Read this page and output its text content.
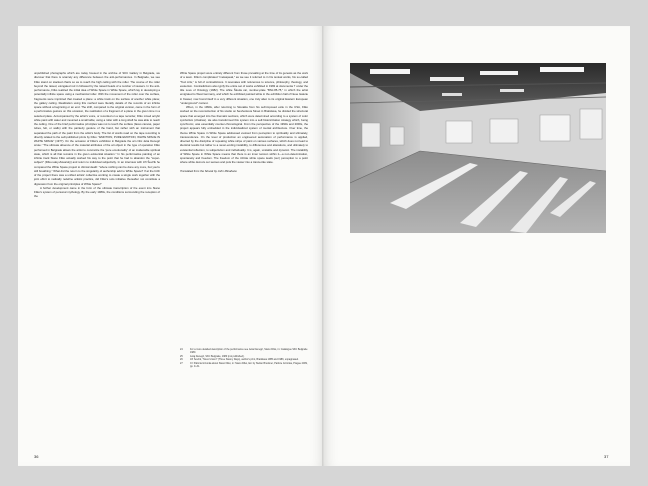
unpublished photographs which are today housed in the archive of SKC Gallery in Belgrade, we discover that there is scarcely any difference between the anti-performances. In Belgrade, we see Filko stand on stacked chairs so as to reach the high ceiling with the roller. The course of the roller beyond the raised, elongated rod in followed by the raised heads of a number of viewers. In the anti-performance, Filko realized the initial idea of White Space in White Space, which lay in developing a potentially infinite space using a mechanical roller. With the movement of the roller over the surface, fragments were imprinted that created a plane: a white track on the surface of another white plane; the gallery ceiling. Realization using this method were literally details of the records of an infinite space without a beginning or an end. The shift, compared to the original version, came in the form of a performative gesture on this occasion, the realization of a fragment of a plane in the given time in a selected place. Accompanied by the artist's voice, or recorded on a tape recorder, Filko mixed acrylic white paint with water and mounted a small table; using a roller with a long shaft he was able to reach the ceiling. One of the brief performative principles was not to touch the surface (faces canvas, paper tubes, felt, or walls) with the painterly gesture of the hand, but rather with an instrument that separated the path of the paint from the artist's body. The list of words read on the tape recording is directly related to the self-published prints by Filko: "EMOTION, PURE EMOTION, WHITE SPACE IN WHITE SPACE" (1977). On the occasion of Filko's exhibition in Belgrade the art critic Ješa Denegri wrote: "The ultimate absence of the material attributes of the art object in the type of operation Filko performed in Belgrade allows the artist to concretize the 'pure emotionality' of an inalienable spiritual state, which is all that remains in the given existential situation." In his performative painting of an infinite track Stano Filko actually worked his way to the point that he had to abandon the "super-subject" (Filko-Laky-Zavarský) and return to individual subjectivity. In an interview with Jiří Ševčík he compared the White Space project to clinical death: "where nothing can be done any more, but you're still breathing." What did the return to the singularity of authorship add to White Space? If at the birth of the project there was a unified artists' collective working to create a single work together with the joint effort to radically redefine artistic practice, did Filko's solo initiative thereafter not constitute a digression from the original principles of White Space?

A further development came in the form of the ultimate transcription of the event into Stano Filko's system of personal mythology. By the early 1980s, the conditions surrounding the reception of the

White Space project were entirely different from those prevailing at the time of its genesis as the work of a team. Filko's complicated "metaspeak," as we see it referred to in his textual works, his so-called "Text Arts," is full of contradictions. It resonates with references to science, philosophy, theology, and esoterism. Contradictions also typify the entire set of works exhibited in 1982 at documenta 7 under the title Love of Ontology (1982). The white Škoda car, number-plate "BNJ-85-75," in which the artist emigrated to West Germany, and which he exhibited painted white in the exhibition hall of Neue Galerie in Kassel, now found itself in a very different situation, one truly alien to its original Eastern European "underground" context.

When, in the 1990s, after returning to Slovakia from his self-imposed exile in the USA, Filko worked on the reconstruction of his studio on Sevčenkova Street in Bratislava, he divided the structural space that emerged into five thematic sections, which were determined according to a system of color symbolism (chakras). He also transformed this system into a self-historicization strategy which, being synchronic, was essentially counter-chronological. From the perspective of the 1990s and 2000s, the project appears fully embedded in the individualized system of mental architecture. Over time, the theme White Space in White Space addressed evolved from perception to spirituality and ultimately, transcendence. On the level of production an engineered automation of performance is applied, directed by the discipline of repeating white stripe of paint on various surfaces, which does not lead to identical results but rather to a never-ending instability, to differences and alterations, and ultimately to existential reflection, to subjectivism and individuality. It is, again, unstable and dynamic. The instability of White Space in White Space means that there is an inner tension within it—a non-determination, spontaneity and freedom. The freedom of the infinite white space leads (our) perception to a point where white demurs our senses and puts the viewer into a trance-like state.

Translated from the Slovak by John Minahane

24	For a more detailed description of the performance see Ješa Denegri, Stano Filko, in: Catalogue SKC Belgrade 1980.
25	Ješa Denegri, SKC Belgrade, 1980 (not published).
26	Jiří Ševčík, "Nové Umění" (Three Stanny Days), author's print, Bratislava 1985 and 1986, unpaginated.
27	Cf. Patricia Grzonka about Stano Filko, in: Stano Filko, Ed. by Stefan Bruckner, Patricie Grzonka, Prague 2009, pp. 9–31.
36	37
